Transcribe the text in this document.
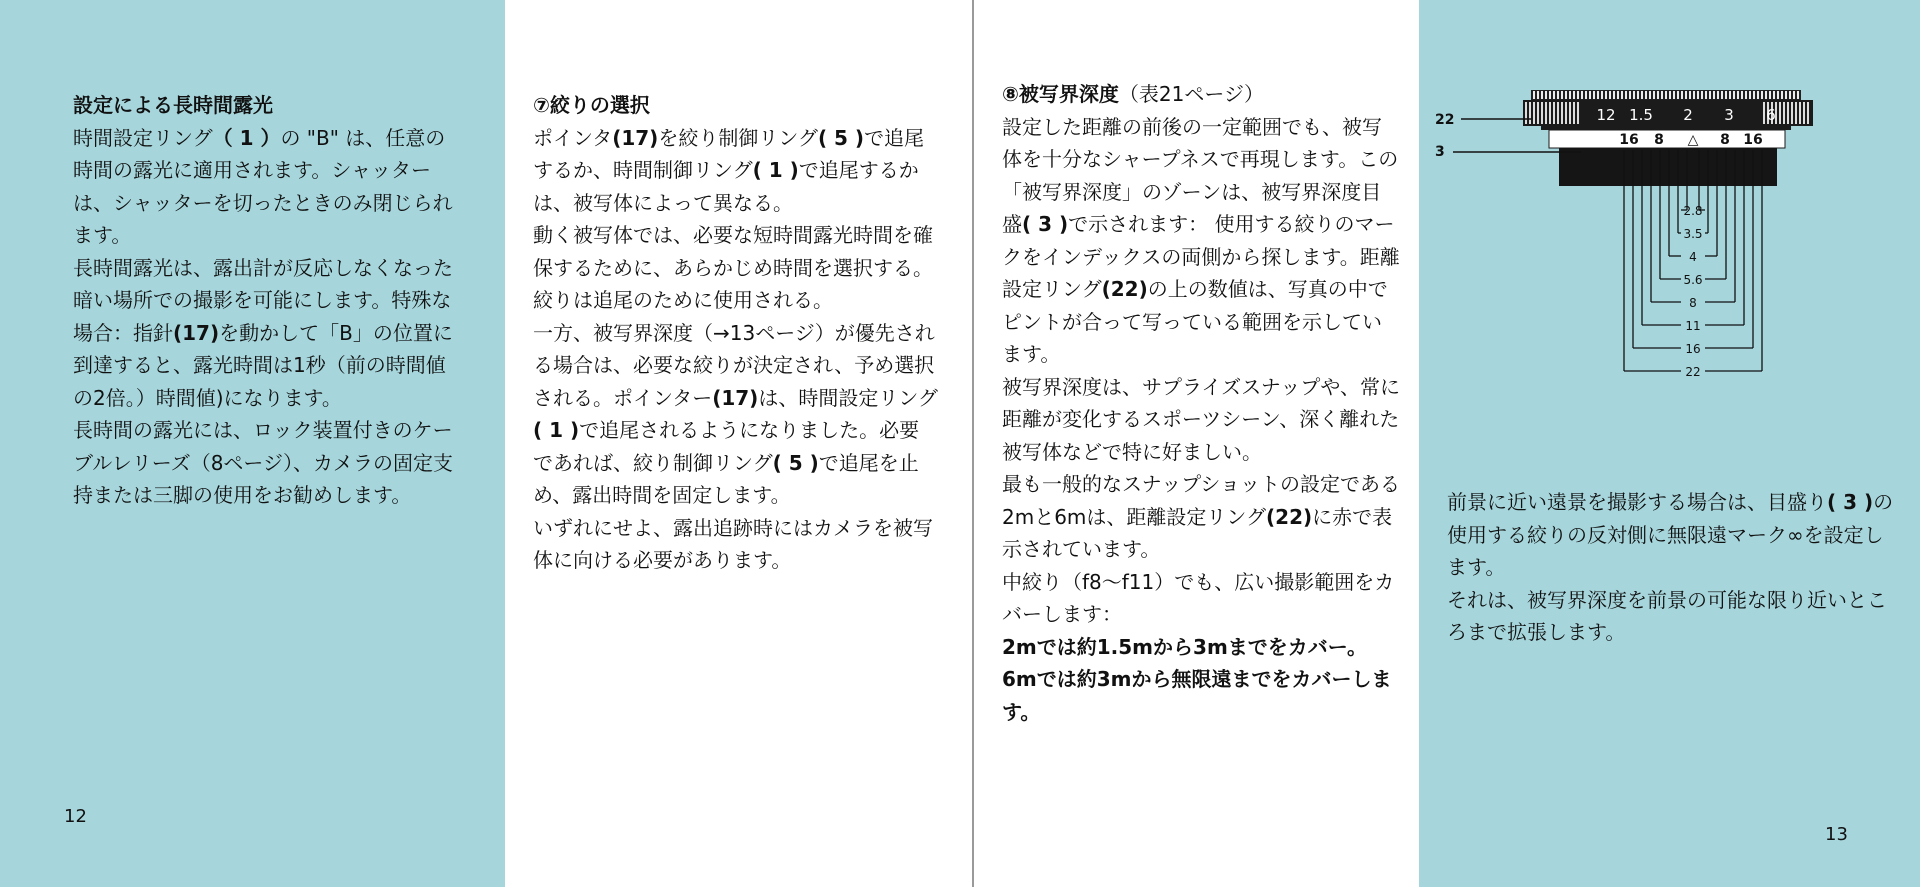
設定による長時間露光

時間設定リング（ 1 ）の "B" は、任意の時間の露光に適用されます。シャッターは、シャッターを切ったときのみ閉じられます。

長時間露光は、露出計が反応しなくなった暗い場所での撮影を可能にします。特殊な場合：指針(17)を動かして「B」の位置に到達すると、露光時間は1秒（前の時間値の2倍。）時間値)になります。

長時間の露光には、ロック装置付きのケーブルレリーズ（8ページ）、カメラの固定支持または三脚の使用をお勧めします。

12

⑦絞りの選択

ポインタ(17)を絞り制御リング( 5 )で追尾するか、時間制御リング( 1 )で追尾するかは、被写体によって異なる。

動く被写体では、必要な短時間露光時間を確保するために、あらかじめ時間を選択する。

絞りは追尾のために使用される。

一方、被写界深度（→13ページ）が優先される場合は、必要な絞りが決定され、予め選択される。ポインター(17)は、時間設定リング( 1 )で追尾されるようになりました。必要であれば、絞り制御リング( 5 )で追尾を止め、露出時間を固定します。

いずれにせよ、露出追跡時にはカメラを被写体に向ける必要があります。

⑧被写界深度（表21ページ）

設定した距離の前後の一定範囲でも、被写体を十分なシャープネスで再現します。この「被写界深度」のゾーンは、被写界深度目盛( 3 )で示されます： 使用する絞りのマークをインデックスの両側から探します。距離設定リング(22)の上の数値は、写真の中でピントが合って写っている範囲を示しています。

被写界深度は、サプライズスナップや、常に距離が変化するスポーツシーン、深く離れた被写体などで特に好ましい。

最も一般的なスナップショットの設定である2mと6mは、距離設定リング(22)に赤で表示されています。

中絞り（f8〜f11）でも、広い撮影範囲をカバーします：

2mでは約1.5mから3mまでをカバー。

6mでは約3mから無限遠までをカバーします。

前景に近い遠景を撮影する場合は、目盛り( 3 )の使用する絞りの反対側に無限遠マーク∞を設定します。

それは、被写界深度を前景の可能な限り近いところまで拡張します。

13
12 1.5 2 3 6
16 8 △ 8 16
22
3
2.8
3.5
4
5.6
8
11
16
22
